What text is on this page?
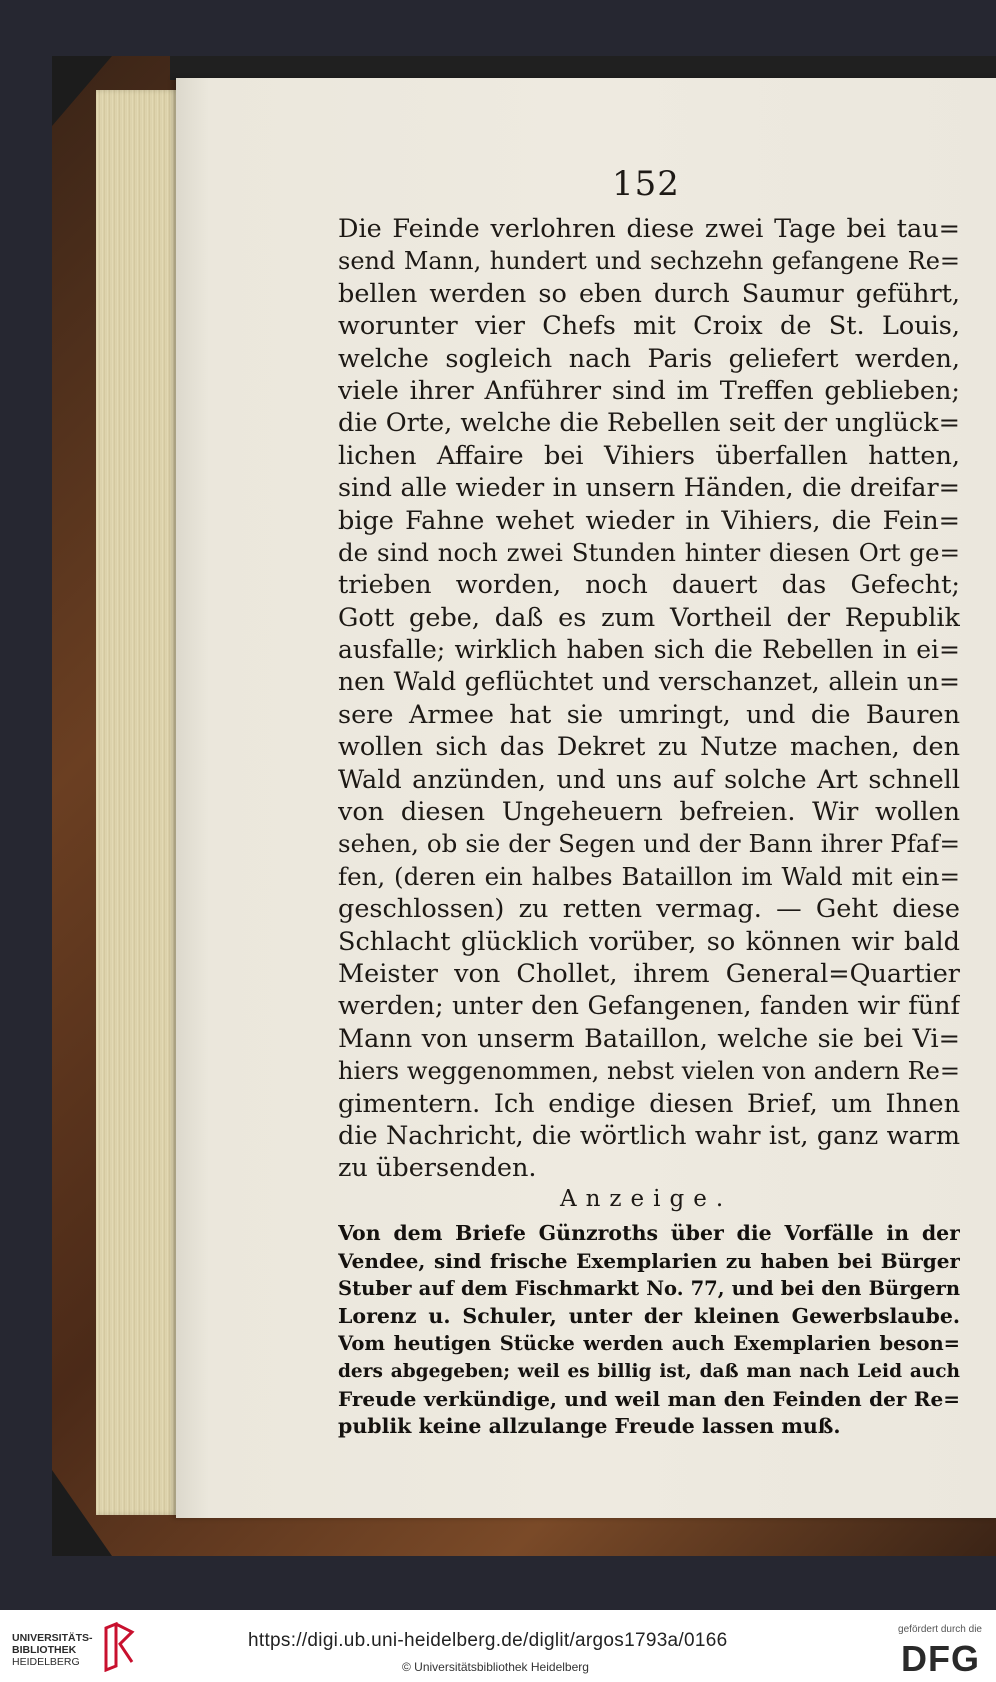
152
Die Feinde verlohren diese zwei Tage bei tau=
send Mann, hundert und sechzehn gefangene Re=
bellen werden so eben durch Saumur geführt,
worunter vier Chefs mit Croix de St. Louis,
welche sogleich nach Paris geliefert werden,
viele ihrer Anführer sind im Treffen geblieben;
die Orte, welche die Rebellen seit der unglück=
lichen Affaire bei Vihiers überfallen hatten,
sind alle wieder in unsern Händen, die dreifar=
bige Fahne wehet wieder in Vihiers, die Fein=
de sind noch zwei Stunden hinter diesen Ort ge=
trieben worden, noch dauert das Gefecht;
Gott gebe, daß es zum Vortheil der Republik
ausfalle; wirklich haben sich die Rebellen in ei=
nen Wald geflüchtet und verschanzet, allein un=
sere Armee hat sie umringt, und die Bauren
wollen sich das Dekret zu Nutze machen, den
Wald anzünden, und uns auf solche Art schnell
von diesen Ungeheuern befreien. Wir wollen
sehen, ob sie der Segen und der Bann ihrer Pfaf=
fen, (deren ein halbes Bataillon im Wald mit ein=
geschlossen) zu retten vermag. — Geht diese
Schlacht glücklich vorüber, so können wir bald
Meister von Chollet, ihrem General=Quartier
werden; unter den Gefangenen, fanden wir fünf
Mann von unserm Bataillon, welche sie bei Vi=
hiers weggenommen, nebst vielen von andern Re=
gimentern. Ich endige diesen Brief, um Ihnen
die Nachricht, die wörtlich wahr ist, ganz warm
zu übersenden.
Anzeige.
Von dem Briefe Günzroths über die Vorfälle in der
Vendee, sind frische Exemplarien zu haben bei Bürger
Stuber auf dem Fischmarkt No. 77, und bei den Bürgern
Lorenz u. Schuler, unter der kleinen Gewerbslaube.
Vom heutigen Stücke werden auch Exemplarien beson=
ders abgegeben; weil es billig ist, daß man nach Leid auch
Freude verkündige, und weil man den Feinden der Re=
publik keine allzulange Freude lassen muß.
UNIVERSITÄTS-
BIBLIOTHEK
HEIDELBERG
https://digi.ub.uni-heidelberg.de/diglit/argos1793a/0166
© Universitätsbibliothek Heidelberg
gefördert durch die
DFG
